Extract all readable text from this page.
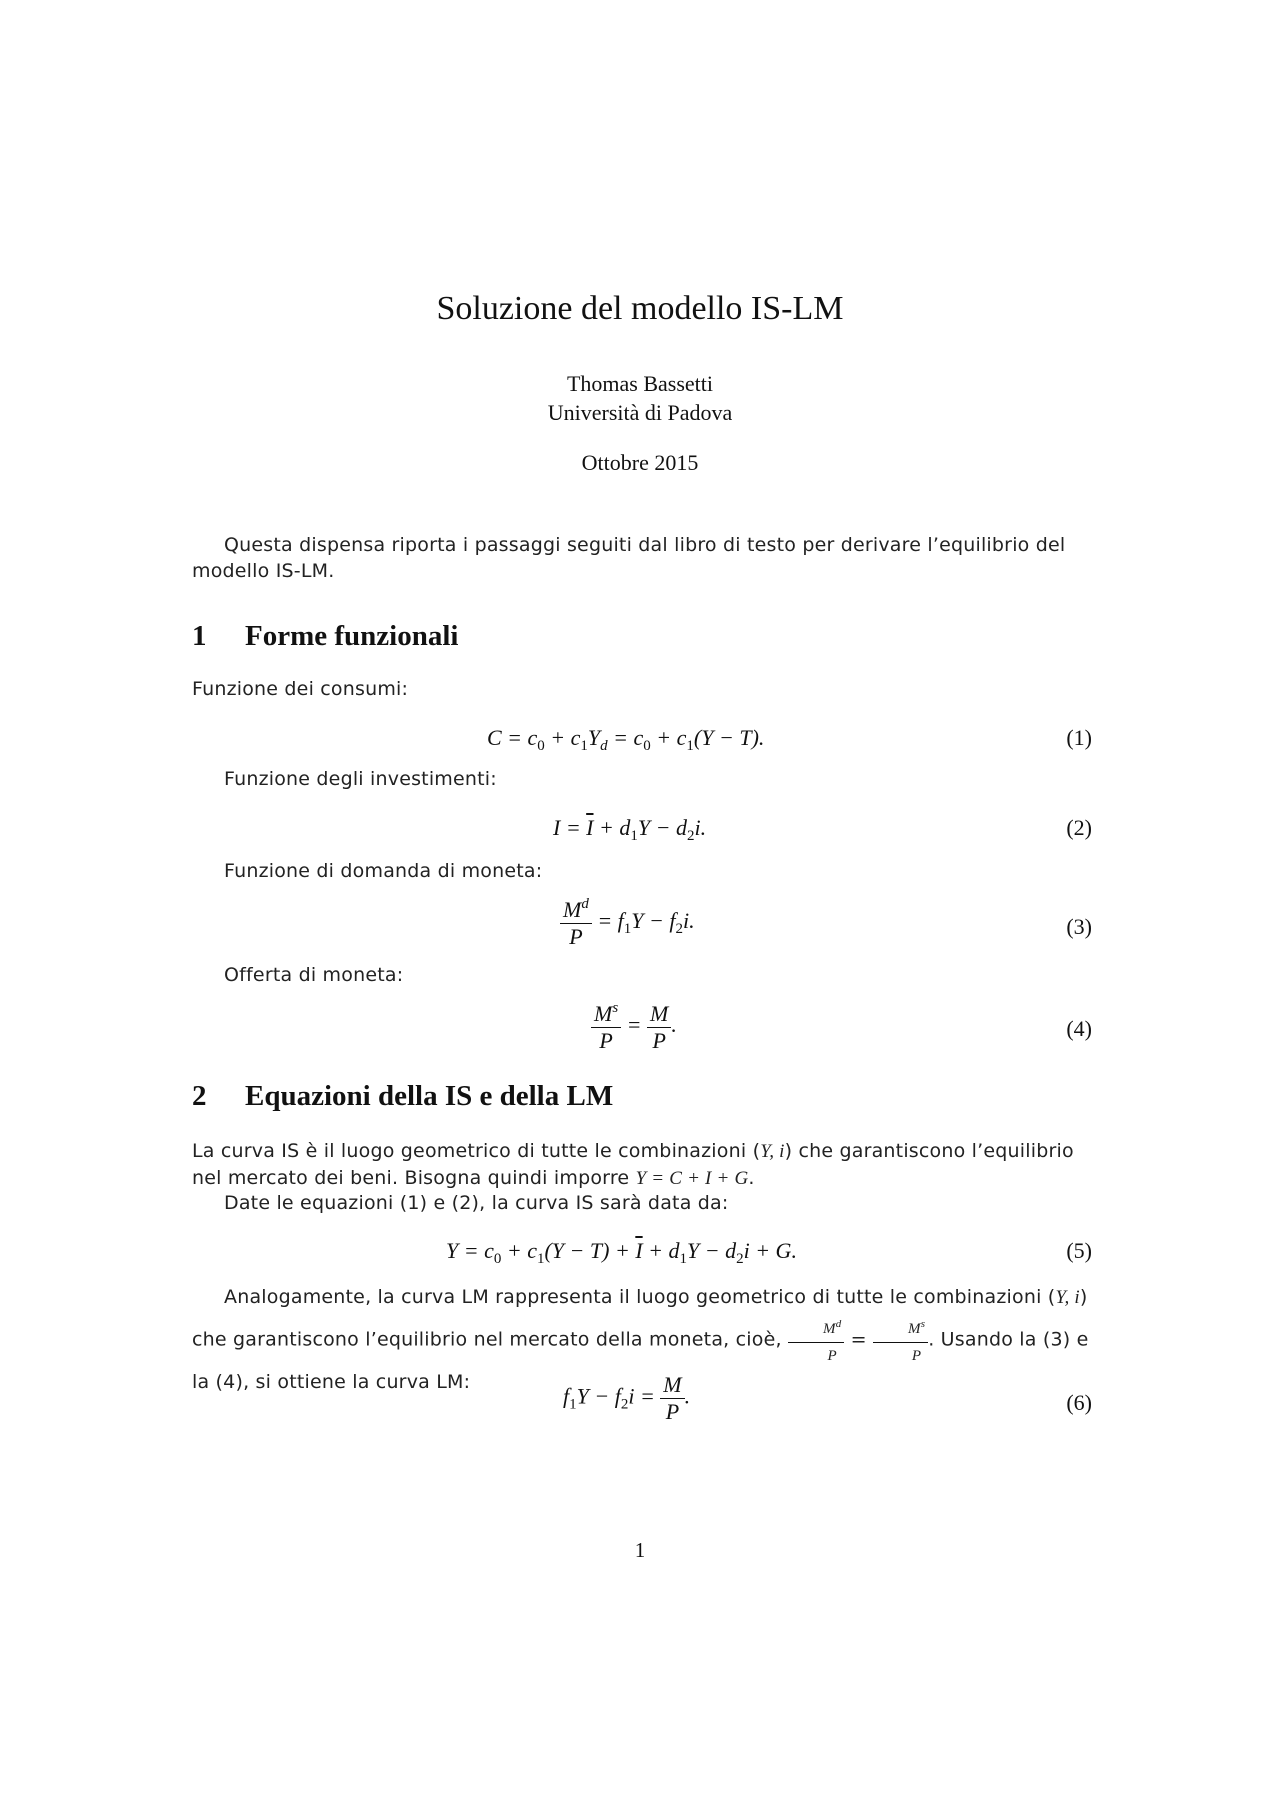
Soluzione del modello IS-LM
Thomas Bassetti
Università di Padova
Ottobre 2015
Questa dispensa riporta i passaggi seguiti dal libro di testo per derivare l’equilibrio del modello IS-LM.
1 Forme funzionali
Funzione dei consumi:
$C = c_0 + c_1Y_d = c_0 + c_1(Y - T)$.	(1)
Funzione degli investimenti:
$I = \overline{I} + d_1Y - d_2i$.	(2)
Funzione di domanda di moneta:
$\frac{M^d}{P} = f_1Y - f_2i$.	(3)
Offerta di moneta:
$\frac{M^s}{P} = \frac{M}{P}$ .	(4)
2 Equazioni della IS e della LM
La curva IS è il luogo geometrico di tutte le combinazioni (Y, i) che garantiscono l’equilibrio nel mercato dei beni. Bisogna quindi imporre Y = C + I + G.
Date le equazioni (1) e (2), la curva IS sarà data da:
$Y = c_0 + c_1(Y - T) + \overline{I} + d_1Y - d_2i + G$.	(5)
Analogamente, la curva LM rappresenta il luogo geometrico di tutte le combinazioni (Y, i) che garantiscono l’equilibrio nel mercato della moneta, cioè, $\frac{M^d}{P} = \frac{M^s}{P}$ . Usando la (3) e la (4), si ottiene la curva LM:
$f_1Y - f_2i = \frac{M}{P}$ .	(6)
1
